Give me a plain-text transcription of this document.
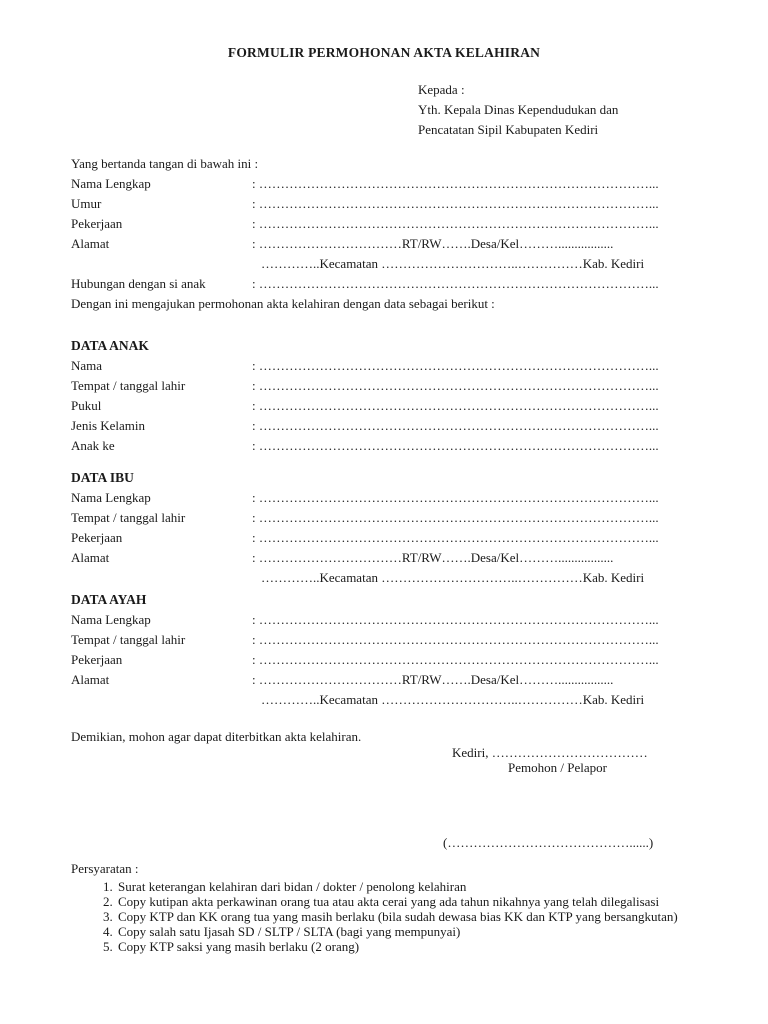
FORMULIR PERMOHONAN AKTA KELAHIRAN
Kepada :
Yth. Kepala Dinas Kependudukan dan
Pencatatan Sipil Kabupaten Kediri
Yang bertanda tangan di bawah ini :
Nama Lengkap	: ………………………………………………………………………………...
Umur	: ………………………………………………………………………………...
Pekerjaan	: ………………………………………………………………………………...
Alamat	: ……………………………RT/RW…….Desa/Kel……….................
…………..Kecamatan …………………………..……………Kab. Kediri
Hubungan dengan si anak	: ………………………………………………………………………………...
Dengan ini mengajukan permohonan akta kelahiran dengan data sebagai berikut :
DATA ANAK
Nama	: ………………………………………………………………………………...
Tempat / tanggal lahir	: ………………………………………………………………………………...
Pukul	: ………………………………………………………………………………...
Jenis Kelamin	: ………………………………………………………………………………...
Anak ke	: ………………………………………………………………………………...
DATA IBU
Nama Lengkap	: ………………………………………………………………………………...
Tempat / tanggal lahir	: ………………………………………………………………………………...
Pekerjaan	: ………………………………………………………………………………...
Alamat	: ……………………………RT/RW…….Desa/Kel……….................
…………..Kecamatan …………………………..……………Kab. Kediri
DATA AYAH
Nama Lengkap	: ………………………………………………………………………………...
Tempat / tanggal lahir	: ………………………………………………………………………………...
Pekerjaan	: ………………………………………………………………………………...
Alamat	: ……………………………RT/RW…….Desa/Kel……….................
…………..Kecamatan …………………………..……………Kab. Kediri
Demikian, mohon agar dapat diterbitkan akta kelahiran.
Kediri, ………………………………
Pemohon / Pelapor
(……………………………………......)
Persyaratan :
1. Surat keterangan kelahiran dari bidan / dokter / penolong kelahiran
2. Copy kutipan akta perkawinan orang tua atau akta cerai yang ada tahun nikahnya yang telah dilegalisasi
3. Copy KTP dan KK orang tua yang masih berlaku (bila sudah dewasa bias KK dan KTP yang bersangkutan)
4. Copy salah satu Ijasah SD / SLTP / SLTA (bagi yang mempunyai)
5. Copy KTP saksi yang masih berlaku (2 orang)
